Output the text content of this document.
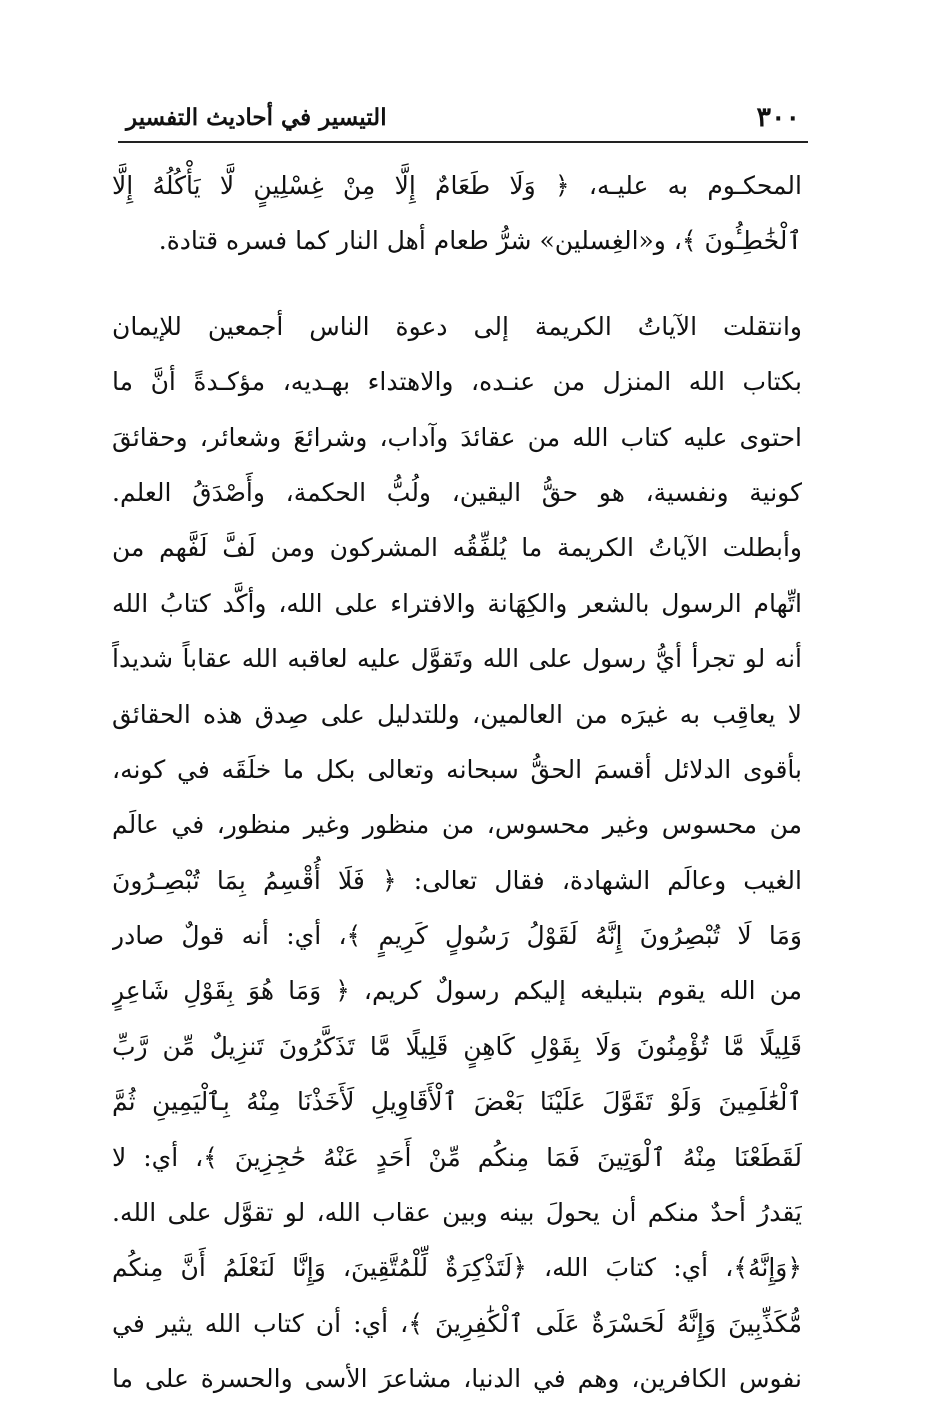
٣٠٠
التيسير في أحاديث التفسير
المحكـوم به عليـه، ﴿ وَلَا طَعَامٌ إِلَّا مِنْ غِسْلِينٍ لَّا يَأْكُلُهُ إِلَّا
ٱلْخَٰطِـُٔونَ ﴾، و«الغِسلين» شرُّ طعام أهل النار كما فسره قتادة.
وانتقلت الآياتُ الكريمة إلى دعوة الناس أجمعين للإيمان
بكتاب الله المنزل من عنـده، والاهتداء بهـديه، مؤكـدةً أنَّ ما
احتوى عليه كتاب الله من عقائدَ وآداب، وشرائعَ وشعائر، وحقائقَ
كونية ونفسية، هو حقُّ اليقين، ولُبُّ الحكمة، وأَصْدَقُ العلم.
وأبطلت الآياتُ الكريمة ما يُلفِّقُه المشركون ومن لَفَّ لَفَّهم من
اتِّهام الرسول بالشعر والكِهَانة والافتراء على الله، وأكَّد كتابُ الله
أنه لو تجرأ أيُّ رسول على الله وتَقوَّل عليه لعاقبه الله عقاباً شديداً
لا يعاقِب به غيرَه من العالمين، وللتدليل على صِدق هذه الحقائق
بأقوى الدلائل أقسمَ الحقُّ سبحانه وتعالى بكل ما خلَقَه في كونه،
من محسوس وغير محسوس، من منظور وغير منظور، في عالَم
الغيب وعالَم الشهادة، فقال تعالى: ﴿ فَلَا أُقْسِمُ بِمَا تُبْصِـرُونَ
وَمَا لَا تُبْصِرُونَ إِنَّهُ لَقَوْلُ رَسُولٍ كَرِيمٍ ﴾، أي: أنه قولٌ صادر
من الله يقوم بتبليغه إليكم رسولٌ كريم، ﴿ وَمَا هُوَ بِقَوْلِ شَاعِرٍ
قَلِيلًا مَّا تُؤْمِنُونَ وَلَا بِقَوْلِ كَاهِنٍ قَلِيلًا مَّا تَذَكَّرُونَ تَنزِيلٌ مِّن رَّبِّ
ٱلْعَٰلَمِينَ وَلَوْ تَقَوَّلَ عَلَيْنَا بَعْضَ ٱلْأَقَاوِيلِ لَأَخَذْنَا مِنْهُ بِٱلْيَمِينِ ثُمَّ
لَقَطَعْنَا مِنْهُ ٱلْوَتِينَ فَمَا مِنكُم مِّنْ أَحَدٍ عَنْهُ حَٰجِزِينَ ﴾، أي: لا
يَقدرُ أحدٌ منكم أن يحولَ بينه وبين عقاب الله، لو تقوَّل على الله.
﴿وَإِنَّهُ﴾، أي: كتابَ الله، ﴿لَتَذْكِرَةٌ لِّلْمُتَّقِينَ، وَإِنَّا لَنَعْلَمُ أَنَّ مِنكُم
مُّكَذِّبِينَ وَإِنَّهُ لَحَسْرَةٌ عَلَى ٱلْكَٰفِرِينَ ﴾، أي: أن كتاب الله يثير في
نفوس الكافرين، وهم في الدنيا، مشاعرَ الأسى والحسرة على ما
